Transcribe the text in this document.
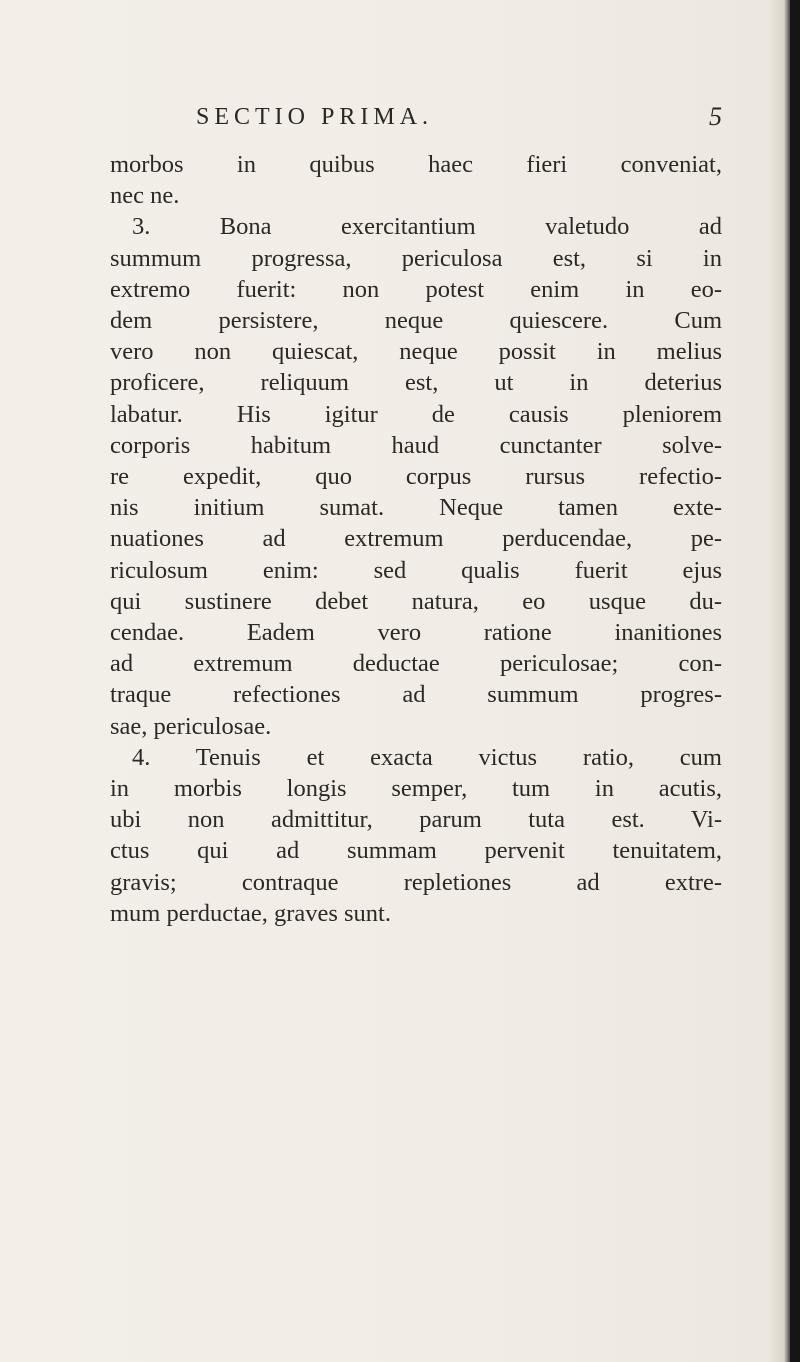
SECTIO PRIMA.	5
morbos in quibus haec fieri conveniat,
nec ne.
3. Bona exercitantium valetudo ad
summum progressa, periculosa est, si in
extremo fuerit: non potest enim in eo-
dem persistere, neque quiescere. Cum
vero non quiescat, neque possit in melius
proficere, reliquum est, ut in deterius
labatur. His igitur de causis pleniorem
corporis habitum haud cunctanter solve-
re expedit, quo corpus rursus refectio-
nis initium sumat. Neque tamen exte-
nuationes ad extremum perducendae, pe-
riculosum enim: sed qualis fuerit ejus
qui sustinere debet natura, eo usque du-
cendae. Eadem vero ratione inanitiones
ad extremum deductae periculosae; con-
traque refectiones ad summum progres-
sae, periculosae.
4. Tenuis et exacta victus ratio, cum
in morbis longis semper, tum in acutis,
ubi non admittitur, parum tuta est. Vi-
ctus qui ad summam pervenit tenuitatem,
gravis; contraque repletiones ad extre-
mum perductae, graves sunt.
